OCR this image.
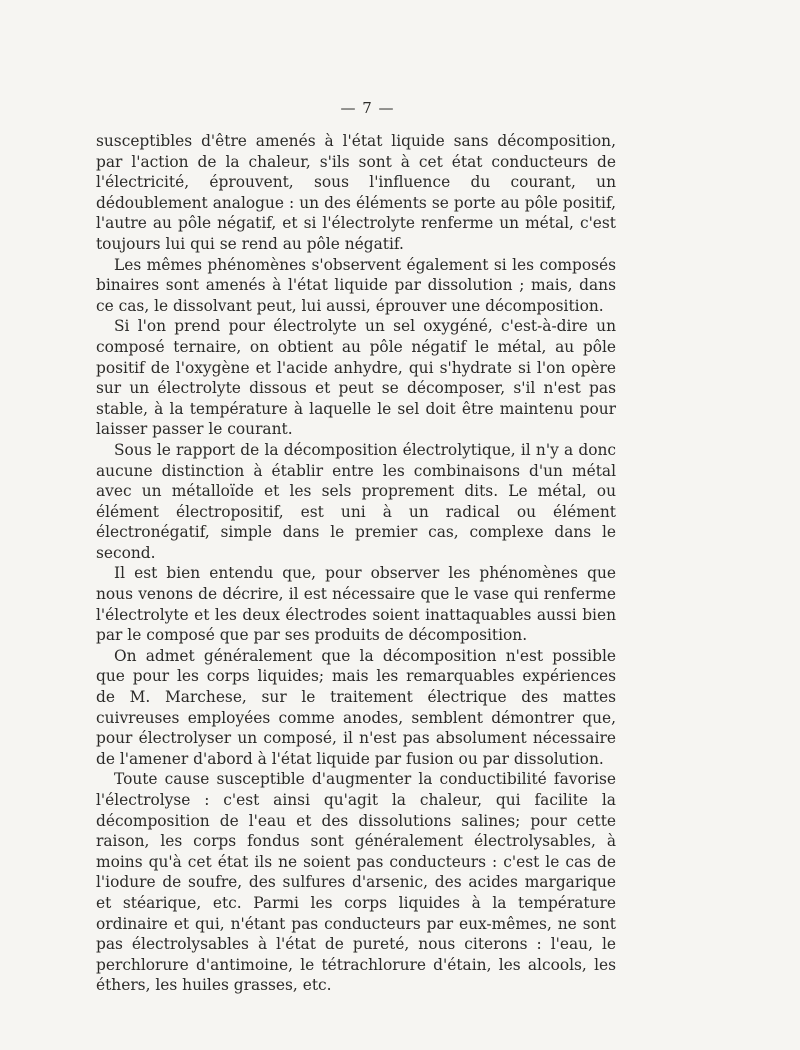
— 7 —

susceptibles d'être amenés à l'état liquide sans décomposition, par l'action de la chaleur, s'ils sont à cet état conducteurs de l'électricité, éprouvent, sous l'influence du courant, un dédoublement analogue : un des éléments se porte au pôle positif, l'autre au pôle négatif, et si l'électrolyte renferme un métal, c'est toujours lui qui se rend au pôle négatif.

Les mêmes phénomènes s'observent également si les composés binaires sont amenés à l'état liquide par dissolution ; mais, dans ce cas, le dissolvant peut, lui aussi, éprouver une décomposition.

Si l'on prend pour électrolyte un sel oxygéné, c'est-à-dire un composé ternaire, on obtient au pôle négatif le métal, au pôle positif de l'oxygène et l'acide anhydre, qui s'hydrate si l'on opère sur un électrolyte dissous et peut se décomposer, s'il n'est pas stable, à la température à laquelle le sel doit être maintenu pour laisser passer le courant.

Sous le rapport de la décomposition électrolytique, il n'y a donc aucune distinction à établir entre les combinaisons d'un métal avec un métalloïde et les sels proprement dits. Le métal, ou élément électropositif, est uni à un radical ou élément électronégatif, simple dans le premier cas, complexe dans le second.

Il est bien entendu que, pour observer les phénomènes que nous venons de décrire, il est nécessaire que le vase qui renferme l'électrolyte et les deux électrodes soient inattaquables aussi bien par le composé que par ses produits de décomposition.

On admet généralement que la décomposition n'est possible que pour les corps liquides; mais les remarquables expériences de M. Marchese, sur le traitement électrique des mattes cuivreuses employées comme anodes, semblent démontrer que, pour électrolyser un composé, il n'est pas absolument nécessaire de l'amener d'abord à l'état liquide par fusion ou par dissolution.

Toute cause susceptible d'augmenter la conductibilité favorise l'électrolyse : c'est ainsi qu'agit la chaleur, qui facilite la décomposition de l'eau et des dissolutions salines; pour cette raison, les corps fondus sont généralement électrolysables, à moins qu'à cet état ils ne soient pas conducteurs : c'est le cas de l'iodure de soufre, des sulfures d'arsenic, des acides margarique et stéarique, etc. Parmi les corps liquides à la température ordinaire et qui, n'étant pas conducteurs par eux-mêmes, ne sont pas électrolysables à l'état de pureté, nous citerons : l'eau, le perchlorure d'antimoine, le tétrachlorure d'étain, les alcools, les éthers, les huiles grasses, etc.
